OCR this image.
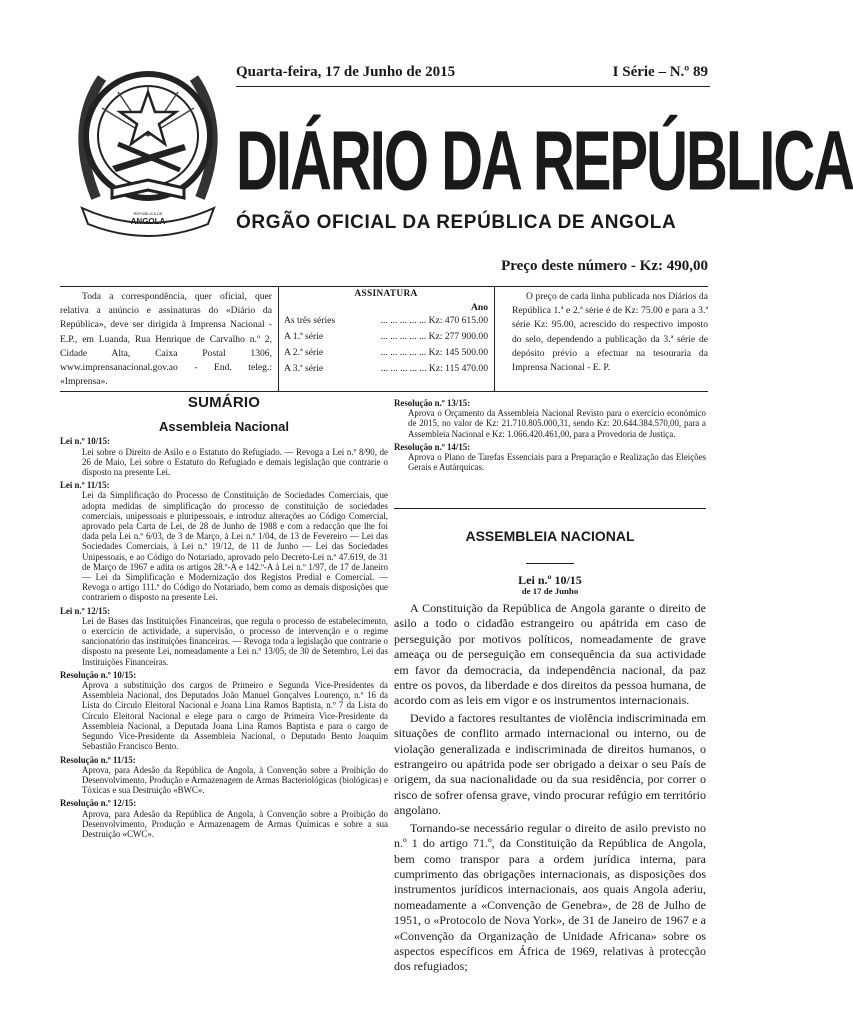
ANGOLA
REPÚBLICA DE
Quarta-feira, 17 de Junho de 2015	I Série – N.º 89
DIÁRIO DA REPÚBLICA
ÓRGÃO OFICIAL DA REPÚBLICA DE ANGOLA
Preço deste número - Kz: 490,00
Toda a correspondência, quer oficial, quer relativa a anúncio e assinaturas do «Diário da República», deve ser dirigida à Imprensa Nacional - E.P., em Luanda, Rua Henrique de Carvalho n.º 2, Cidade Alta, Caixa Postal 1306, www.imprensanacional.gov.ao - End. teleg.: «Imprensa».
ASSINATURA
Ano
As três séries	... ... ... ... ... Kz: 470 615.00
A 1.ª série	... ... ... ... ... Kz: 277 900.00
A 2.ª série	... ... ... ... ... Kz: 145 500.00
A 3.ª série	... ... ... ... ... Kz: 115 470.00
O preço de cada linha publicada nos Diários da República 1.ª e 2.ª série é de Kz: 75.00 e para a 3.ª série Kz: 95.00, acrescido do respectivo imposto do selo, dependendo a publicação da 3.ª série de depósito prévio a efectuar na tesouraria da Imprensa Nacional - E. P.
SUMÁRIO
Assembleia Nacional
Lei n.º 10/15:
Lei sobre o Direito de Asilo e o Estatuto do Refugiado. — Revoga a Lei n.º 8/90, de 26 de Maio, Lei sobre o Estatuto do Refugiado e demais legislação que contrarie o disposto na presente Lei.
Lei n.º 11/15:
Lei da Simplificação do Processo de Constituição de Sociedades Comerciais, que adopta medidas de simplificação do processo de constituição de sociedades comerciais, unipessoais e pluripessoais, e introduz alterações ao Código Comercial, aprovado pela Carta de Lei, de 28 de Junho de 1988 e com a redacção que lhe foi dada pela Lei n.º 6/03, de 3 de Março, à Lei n.º 1/04, de 13 de Fevereiro — Lei das Sociedades Comerciais, à Lei n.º 19/12, de 11 de Junho — Lei das Sociedades Unipessoais, e ao Código do Notariado, aprovado pelo Decreto-Lei n.º 47.619, de 31 de Março de 1967 e adita os artigos 28.º-A e 142.º-A à Lei n.º 1/97, de 17 de Janeiro — Lei da Simplificação e Modernização dos Registos Predial e Comercial. — Revoga o artigo 111.º do Código do Notariado, bem como as demais disposições que contrariem o disposto na presente Lei.
Lei n.º 12/15:
Lei de Bases das Instituições Financeiras, que regula o processo de estabelecimento, o exercício de actividade, a supervisão, o processo de intervenção e o regime sancionatório das instituições financeiras. — Revoga toda a legislação que contrarie o disposto na presente Lei, nomeadamente a Lei n.º 13/05, de 30 de Setembro, Lei das Instituições Financeiras.
Resolução n.º 10/15:
Aprova a substituição dos cargos de Primeiro e Segunda Vice-Presidentes da Assembleia Nacional, dos Deputados João Manuel Gonçalves Lourenço, n.º 16 da Lista do Círculo Eleitoral Nacional e Joana Lina Ramos Baptista, n.º 7 da Lista do Círculo Eleitoral Nacional e elege para o cargo de Primeira Vice-Presidente da Assembleia Nacional, a Deputada Joana Lina Ramos Baptista e para o cargo de Segundo Vice-Presidente da Assembleia Nacional, o Deputado Bento Joaquim Sebastião Francisco Bento.
Resolução n.º 11/15:
Aprova, para Adesão da República de Angola, à Convenção sobre a Proibição do Desenvolvimento, Produção e Armazenagem de Armas Bacteriológicas (biológicas) e Tóxicas e sua Destruição «BWC».
Resolução n.º 12/15:
Aprova, para Adesão da República de Angola, à Convenção sobre a Proibição do Desenvolvimento, Produção e Armazenagem de Armas Químicas e sobre a sua Destruição «CWC».
Resolução n.º 13/15:
Aprova o Orçamento da Assembleia Nacional Revisto para o exercício económico de 2015, no valor de Kz: 21.710.805.000,31, sendo Kz: 20.644.384.570,00, para a Assembleia Nacional e Kz: 1.066.420.461,00, para a Provedoria de Justiça.
Resolução n.º 14/15:
Aprova o Plano de Tarefas Essenciais para a Preparação e Realização das Eleições Gerais e Autárquicas.
ASSEMBLEIA NACIONAL
Lei n.º 10/15
de 17 de Junho

A Constituição da República de Angola garante o direito de asilo a todo o cidadão estrangeiro ou apátrida em caso de perseguição por motivos políticos, nomeadamente de grave ameaça ou de perseguição em consequência da sua actividade em favor da democracia, da independência nacional, da paz entre os povos, da liberdade e dos direitos da pessoa humana, de acordo com as leis em vigor e os instrumentos internacionais.

Devido a factores resultantes de violência indiscriminada em situações de conflito armado internacional ou interno, ou de violação generalizada e indiscriminada de direitos humanos, o estrangeiro ou apátrida pode ser obrigado a deixar o seu País de origem, da sua nacionalidade ou da sua residência, por correr o risco de sofrer ofensa grave, vindo procurar refúgio em território angolano.

Tornando-se necessário regular o direito de asilo previsto no n.º 1 do artigo 71.º, da Constituição da República de Angola, bem como transpor para a ordem jurídica interna, para cumprimento das obrigações internacionais, as disposições dos instrumentos jurídicos internacionais, aos quais Angola aderiu, nomeadamente a «Convenção de Genebra», de 28 de Julho de 1951, o «Protocolo de Nova York», de 31 de Janeiro de 1967 e a «Convenção da Organização de Unidade Africana» sobre os aspectos específicos em África de 1969, relativas à protecção dos refugiados;
